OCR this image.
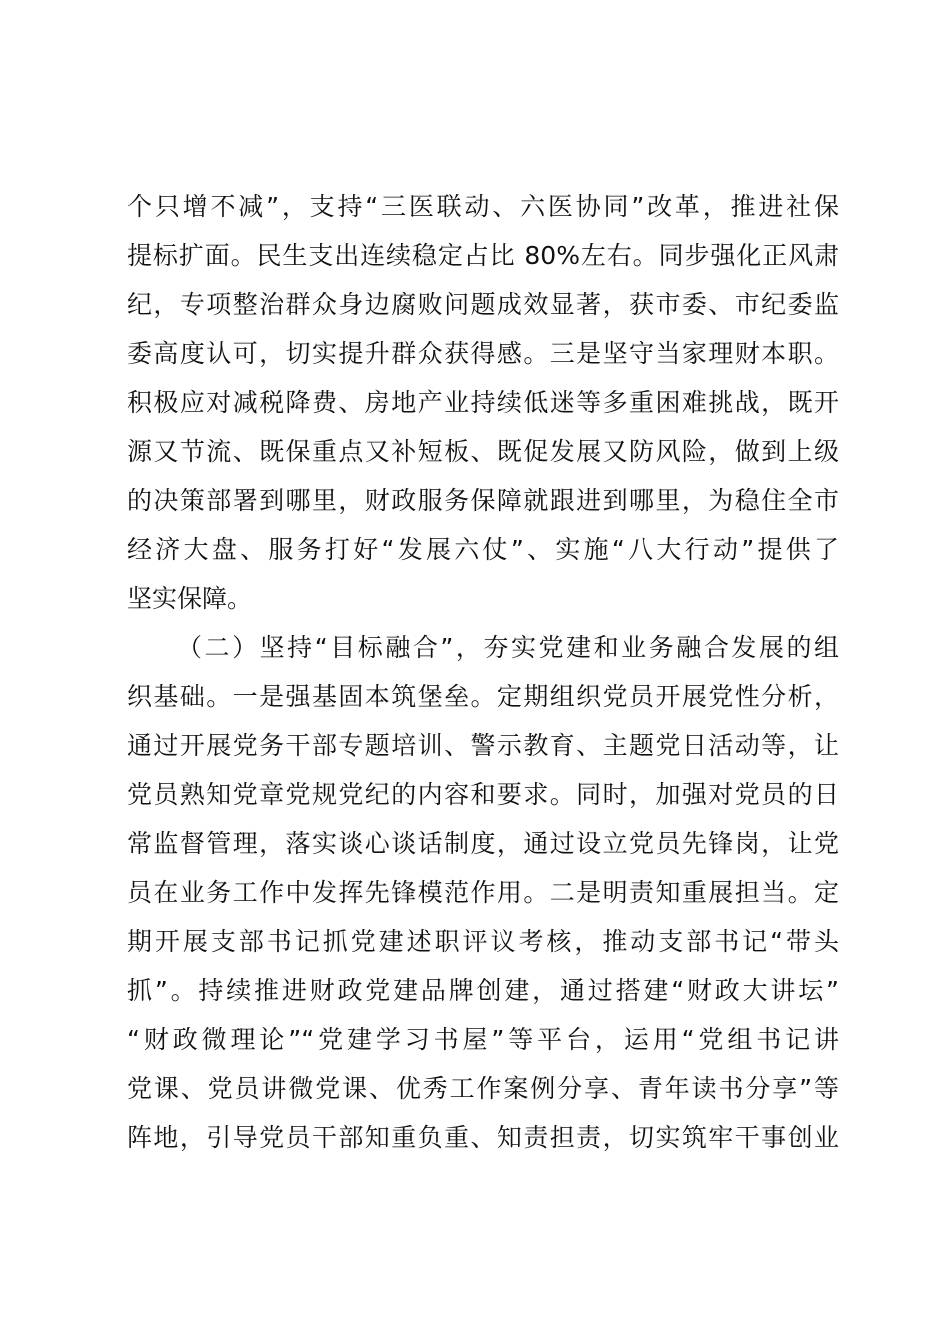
个只增不减”，支持“三医联动、六医协同”改革，推进社保
提标扩面。民生支出连续稳定占比 80%左右。同步强化正风肃
纪，专项整治群众身边腐败问题成效显著，获市委、市纪委监
委高度认可，切实提升群众获得感。三是坚守当家理财本职。
积极应对减税降费、房地产业持续低迷等多重困难挑战，既开
源又节流、既保重点又补短板、既促发展又防风险，做到上级
的决策部署到哪里，财政服务保障就跟进到哪里，为稳住全市
经济大盘、服务打好“发展六仗”、实施“八大行动”提供了
坚实保障。
（二）坚持“目标融合”，夯实党建和业务融合发展的组
织基础。一是强基固本筑堡垒。定期组织党员开展党性分析，
通过开展党务干部专题培训、警示教育、主题党日活动等，让
党员熟知党章党规党纪的内容和要求。同时，加强对党员的日
常监督管理，落实谈心谈话制度，通过设立党员先锋岗，让党
员在业务工作中发挥先锋模范作用。二是明责知重展担当。定
期开展支部书记抓党建述职评议考核，推动支部书记“带头
抓”。持续推进财政党建品牌创建，通过搭建“财政大讲坛”
“财政微理论”“党建学习书屋”等平台，运用“党组书记讲
党课、党员讲微党课、优秀工作案例分享、青年读书分享”等
阵地，引导党员干部知重负重、知责担责，切实筑牢干事创业
